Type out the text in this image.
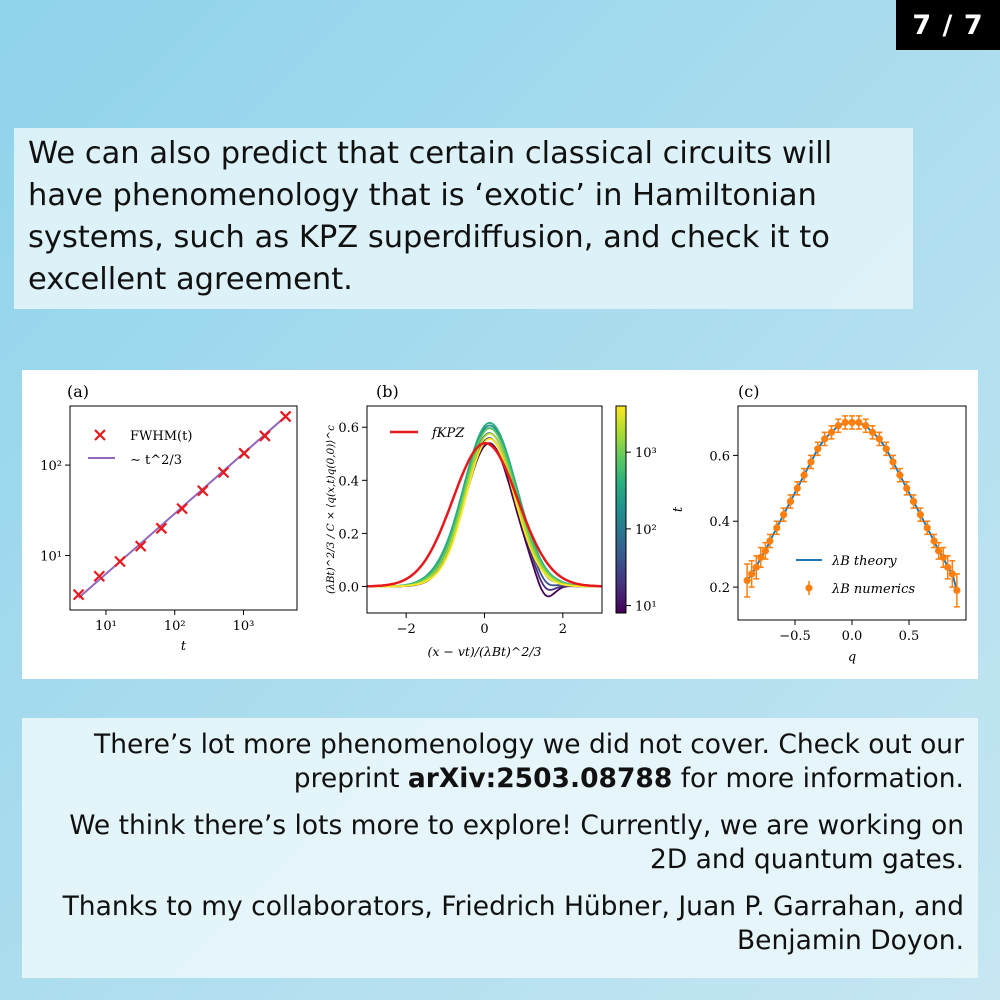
7 / 7
We can also predict that certain classical circuits will have phenomenology that is ‘exotic’ in Hamiltonian systems, such as KPZ superdiffusion, and check it to excellent agreement.
(a)
10¹	10²	10³
10¹
10²
t
FWHM(t)
∼ t^2/3
(b)
−2	0	2
0.0
0.2
0.4
0.6
(x − vt)/(λBt)^2/3
(λBt)^2/3 / C × ⟨q(x,t)q(0,0)⟩^c	fKPZ
10¹
10²
10³
t
(c)
−0.5 0.0	0.5
0.2
0.4
0.6
q
λB theory
λB numerics

There’s lot more phenomenology we did not cover. Check out our preprint arXiv:2503.08788 for more information.

We think there’s lots more to explore! Currently, we are working on 2D and quantum gates.

Thanks to my collaborators, Friedrich Hübner, Juan P. Garrahan, and Benjamin Doyon.
